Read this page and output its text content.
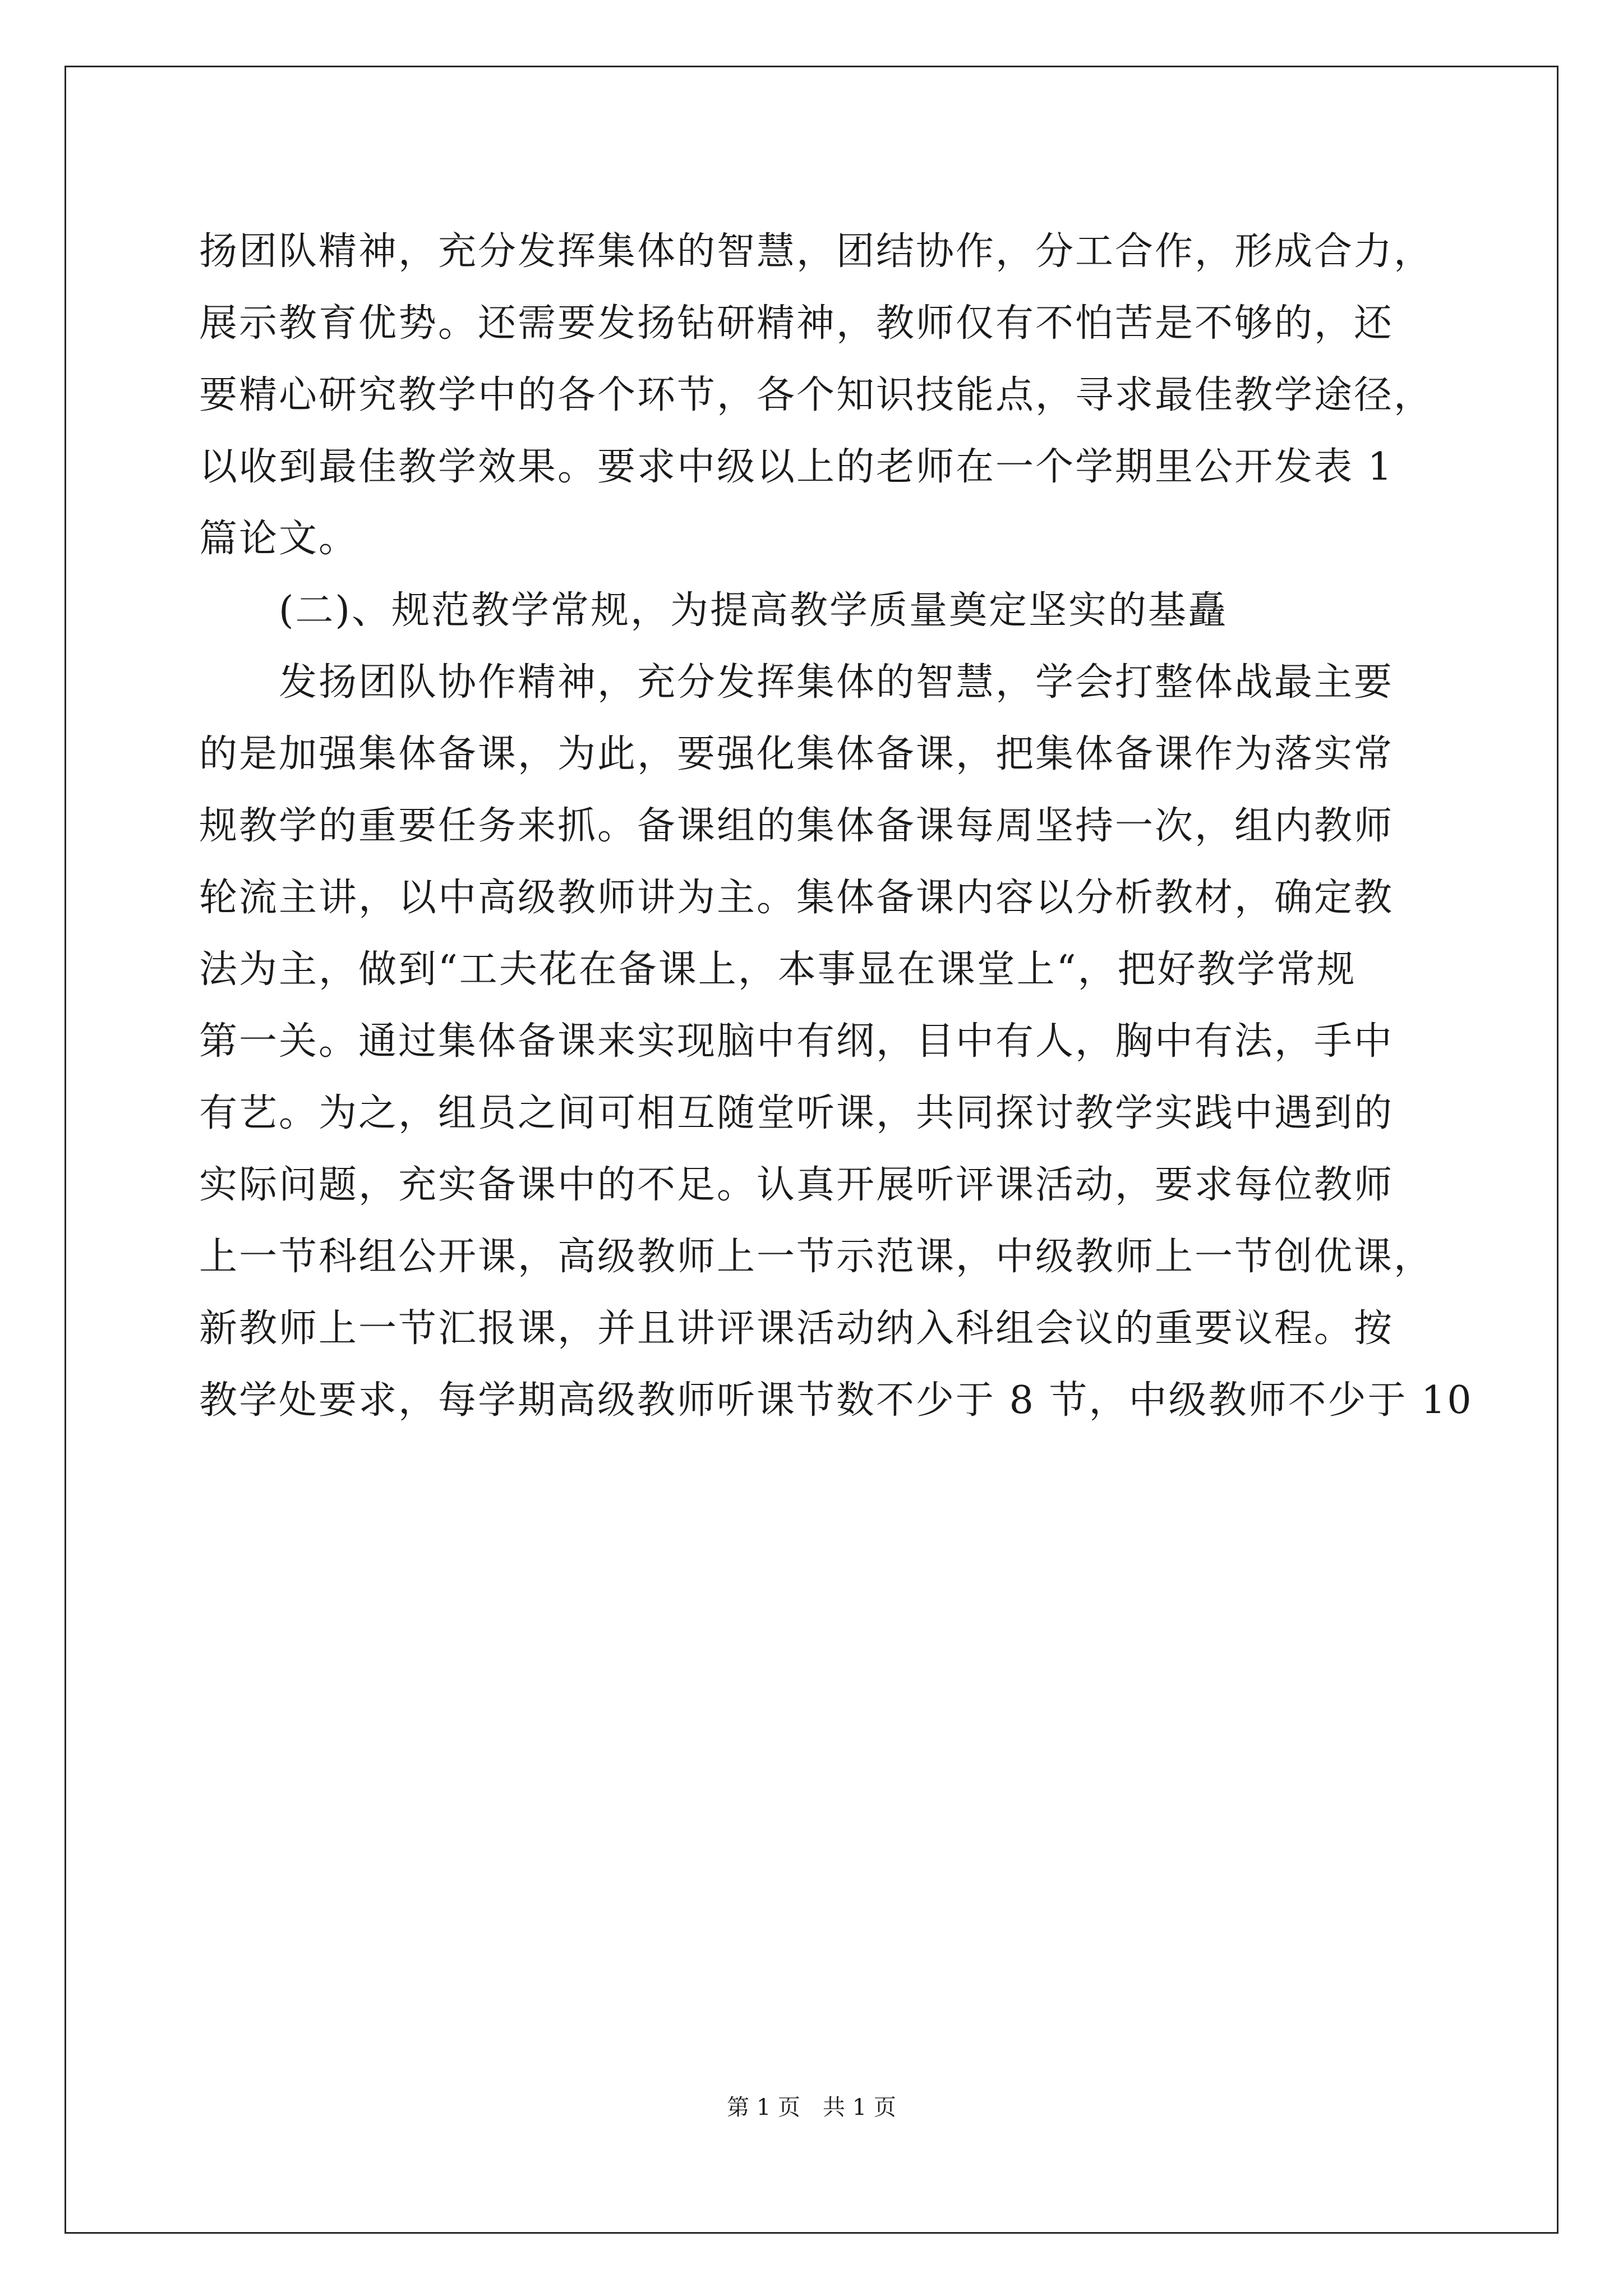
扬团队精神，充分发挥集体的智慧，团结协作，分工合作，形成合力，
展示教育优势。还需要发扬钻研精神，教师仅有不怕苦是不够的，还
要精心研究教学中的各个环节，各个知识技能点，寻求最佳教学途径，
以收到最佳教学效果。要求中级以上的老师在一个学期里公开发表 1
篇论文。
　　(二)、规范教学常规，为提高教学质量奠定坚实的基矗
　　发扬团队协作精神，充分发挥集体的智慧，学会打整体战最主要
的是加强集体备课，为此，要强化集体备课，把集体备课作为落实常
规教学的重要任务来抓。备课组的集体备课每周坚持一次，组内教师
轮流主讲，以中高级教师讲为主。集体备课内容以分析教材，确定教
法为主，做到“工夫花在备课上，本事显在课堂上“，把好教学常规
第一关。通过集体备课来实现脑中有纲，目中有人，胸中有法，手中
有艺。为之，组员之间可相互随堂听课，共同探讨教学实践中遇到的
实际问题，充实备课中的不足。认真开展听评课活动，要求每位教师
上一节科组公开课，高级教师上一节示范课，中级教师上一节创优课，
新教师上一节汇报课，并且讲评课活动纳入科组会议的重要议程。按
教学处要求，每学期高级教师听课节数不少于 8 节，中级教师不少于 10
第 1 页　共 1 页
